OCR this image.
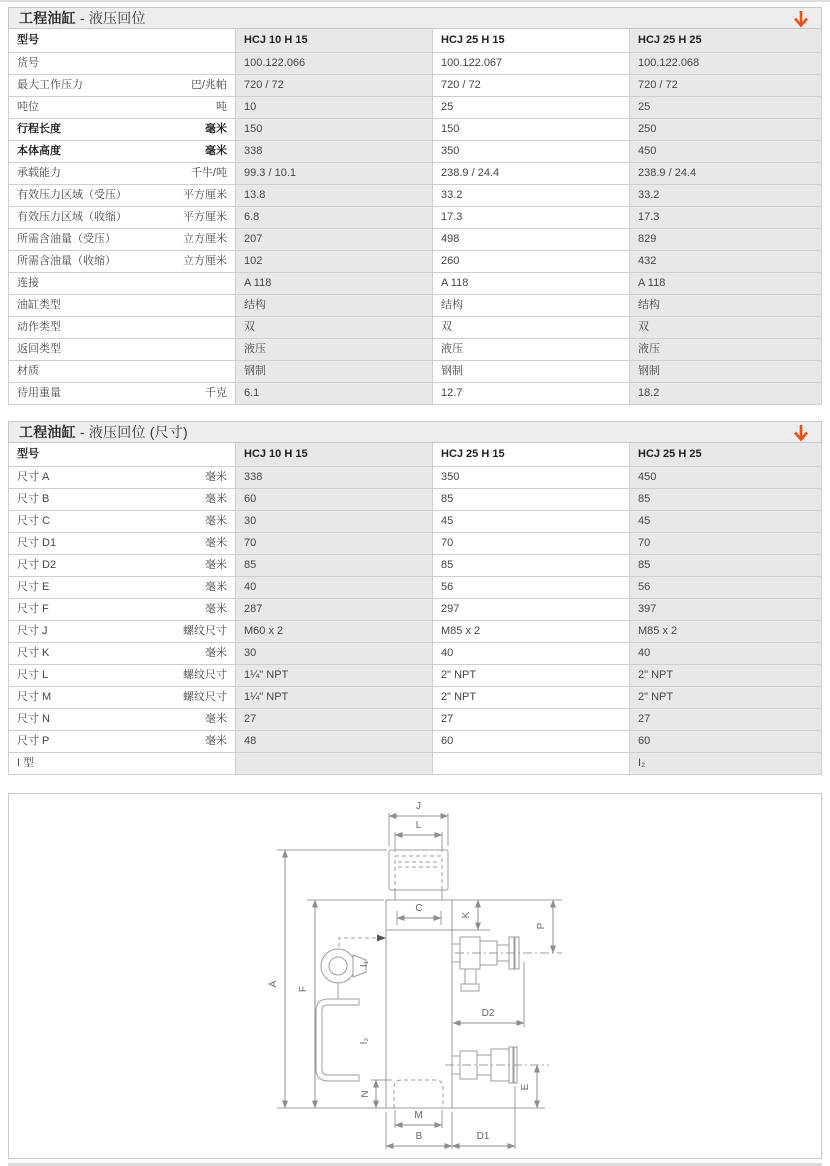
工程油缸 - 液压回位
型号	HCJ 10 H 15	HCJ 25 H 15	HCJ 25 H 25
货号	100.122.066	100.122.067	100.122.068
最大工作压力 巴/兆帕	720 / 72	720 / 72	720 / 72
吨位 吨	10	25	25
行程长度 毫米	150	150	250
本体高度 毫米	338	350	450
承载能力 千牛/吨	99.3 / 10.1	238.9 / 24.4	238.9 / 24.4
有效压力区域（受压） 平方厘米	13.8	33.2	33.2
有效压力区域（收缩） 平方厘米	6.8	17.3	17.3
所需含油量（受压） 立方厘米	207	498	829
所需含油量（收缩） 立方厘米	102	260	432
连接	A 118	A 118	A 118
油缸类型	结构	结构	结构
动作类型	双	双	双
返回类型	液压	液压	液压
材质	钢制	钢制	钢制
待用重量 千克	6.1	12.7	18.2
工程油缸 - 液压回位 (尺寸)
型号	HCJ 10 H 15	HCJ 25 H 15	HCJ 25 H 25
尺寸 A 毫米	338	350	450
尺寸 B 毫米	60	85	85
尺寸 C 毫米	30	45	45
尺寸 D1 毫米	70	70	70
尺寸 D2 毫米	85	85	85
尺寸 E 毫米	40	56	56
尺寸 F 毫米	287	297	397
尺寸 J 螺纹尺寸	M60 x 2	M85 x 2	M85 x 2
尺寸 K 毫米	30	40	40
尺寸 L 螺纹尺寸	1¼" NPT	2" NPT	2" NPT
尺寸 M 螺纹尺寸	1¼" NPT	2" NPT	2" NPT
尺寸 N 毫米	27	27	27
尺寸 P 毫米	48	60	60
I 型			I₂
J
L
C
K
P
A
F
I₁
I₂
D2
E
N
M
B	D1
